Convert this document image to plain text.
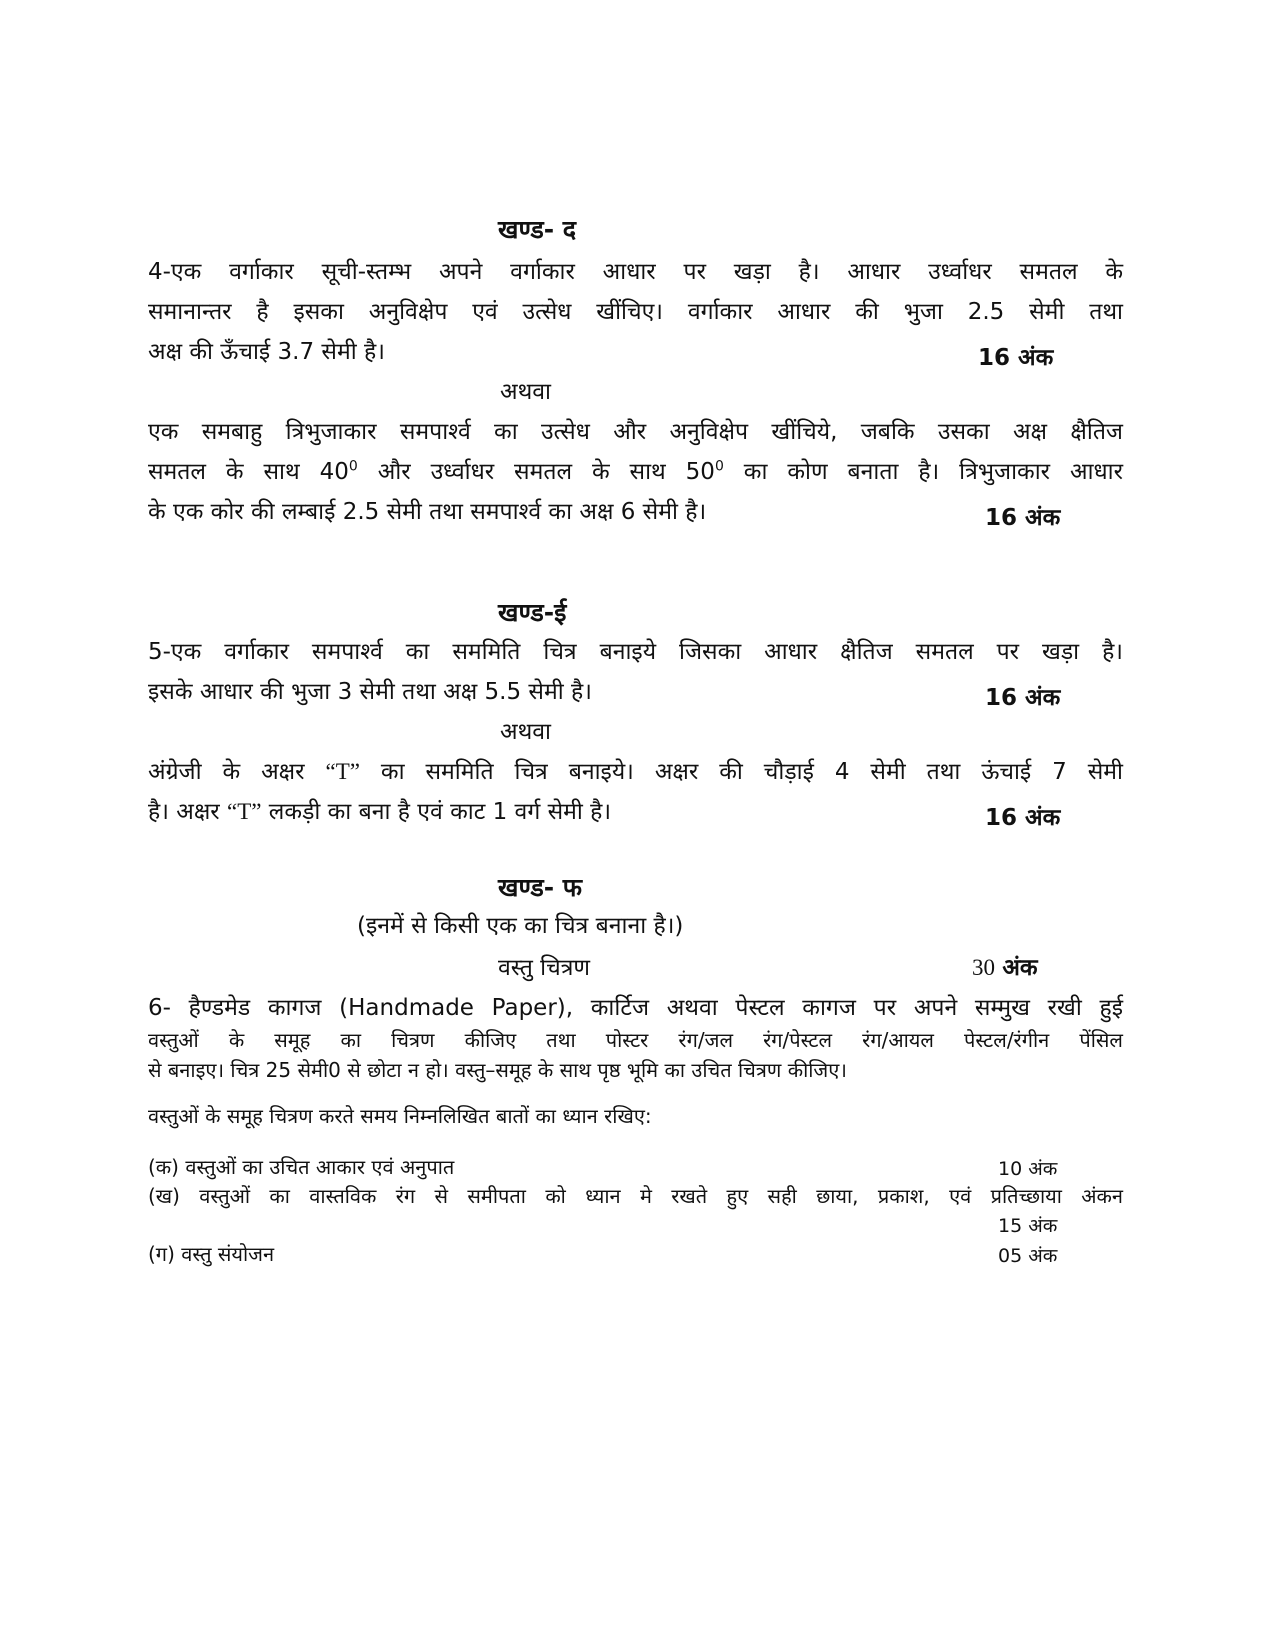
खण्ड- द
4-एक वर्गाकार सूची-स्तम्भ अपने वर्गाकार आधार पर खड़ा है। आधार उर्ध्वाधर समतल के
समानान्तर है इसका अनुविक्षेप एवं उत्सेध खींचिए। वर्गाकार आधार की भुजा 2.5 सेमी तथा
अक्ष की ऊँचाई 3.7 सेमी है।	16 अंक
अथवा
एक समबाहु त्रिभुजाकार समपार्श्व का उत्सेध और अनुविक्षेप खींचिये, जबकि उसका अक्ष क्षैतिज
समतल के साथ $40^0$ और उर्ध्वाधर समतल के साथ $50^0$ का कोण बनाता है। त्रिभुजाकार आधार
के एक कोर की लम्बाई 2.5 सेमी तथा समपार्श्व का अक्ष 6 सेमी है।	16 अंक
खण्ड-ई
5-एक वर्गाकार समपार्श्व का सममिति चित्र बनाइये जिसका आधार क्षैतिज समतल पर खड़ा है।
इसके आधार की भुजा 3 सेमी तथा अक्ष 5.5 सेमी है।	16 अंक
अथवा
अंग्रेजी के अक्षर “T” का सममिति चित्र बनाइये। अक्षर की चौड़ाई 4 सेमी तथा ऊंचाई 7 सेमी
है। अक्षर “T” लकड़ी का बना है एवं काट 1 वर्ग सेमी है।	16 अंक
खण्ड- फ
(इनमें से किसी एक का चित्र बनाना है।)
वस्तु चित्रण	30 अंक
6- हैण्डमेड कागज (Handmade Paper), कार्टिज अथवा पेस्टल कागज पर अपने सम्मुख रखी हुई
वस्तुओं के समूह का चित्रण कीजिए तथा पोस्टर रंग/जल रंग/पेस्टल रंग/आयल पेस्टल/रंगीन पेंसिल
से बनाइए। चित्र 25 सेमी0 से छोटा न हो। वस्तु–समूह के साथ पृष्ठ भूमि का उचित चित्रण कीजिए।
वस्तुओं के समूह चित्रण करते समय निम्नलिखित बातों का ध्यान रखिए:
(क) वस्तुओं का उचित आकार एवं अनुपात	10 अंक
(ख) वस्तुओं का वास्तविक रंग से समीपता को ध्यान मे रखते हुए सही छाया, प्रकाश, एवं प्रतिच्छाया अंकन
15 अंक
(ग) वस्तु संयोजन	05 अंक
